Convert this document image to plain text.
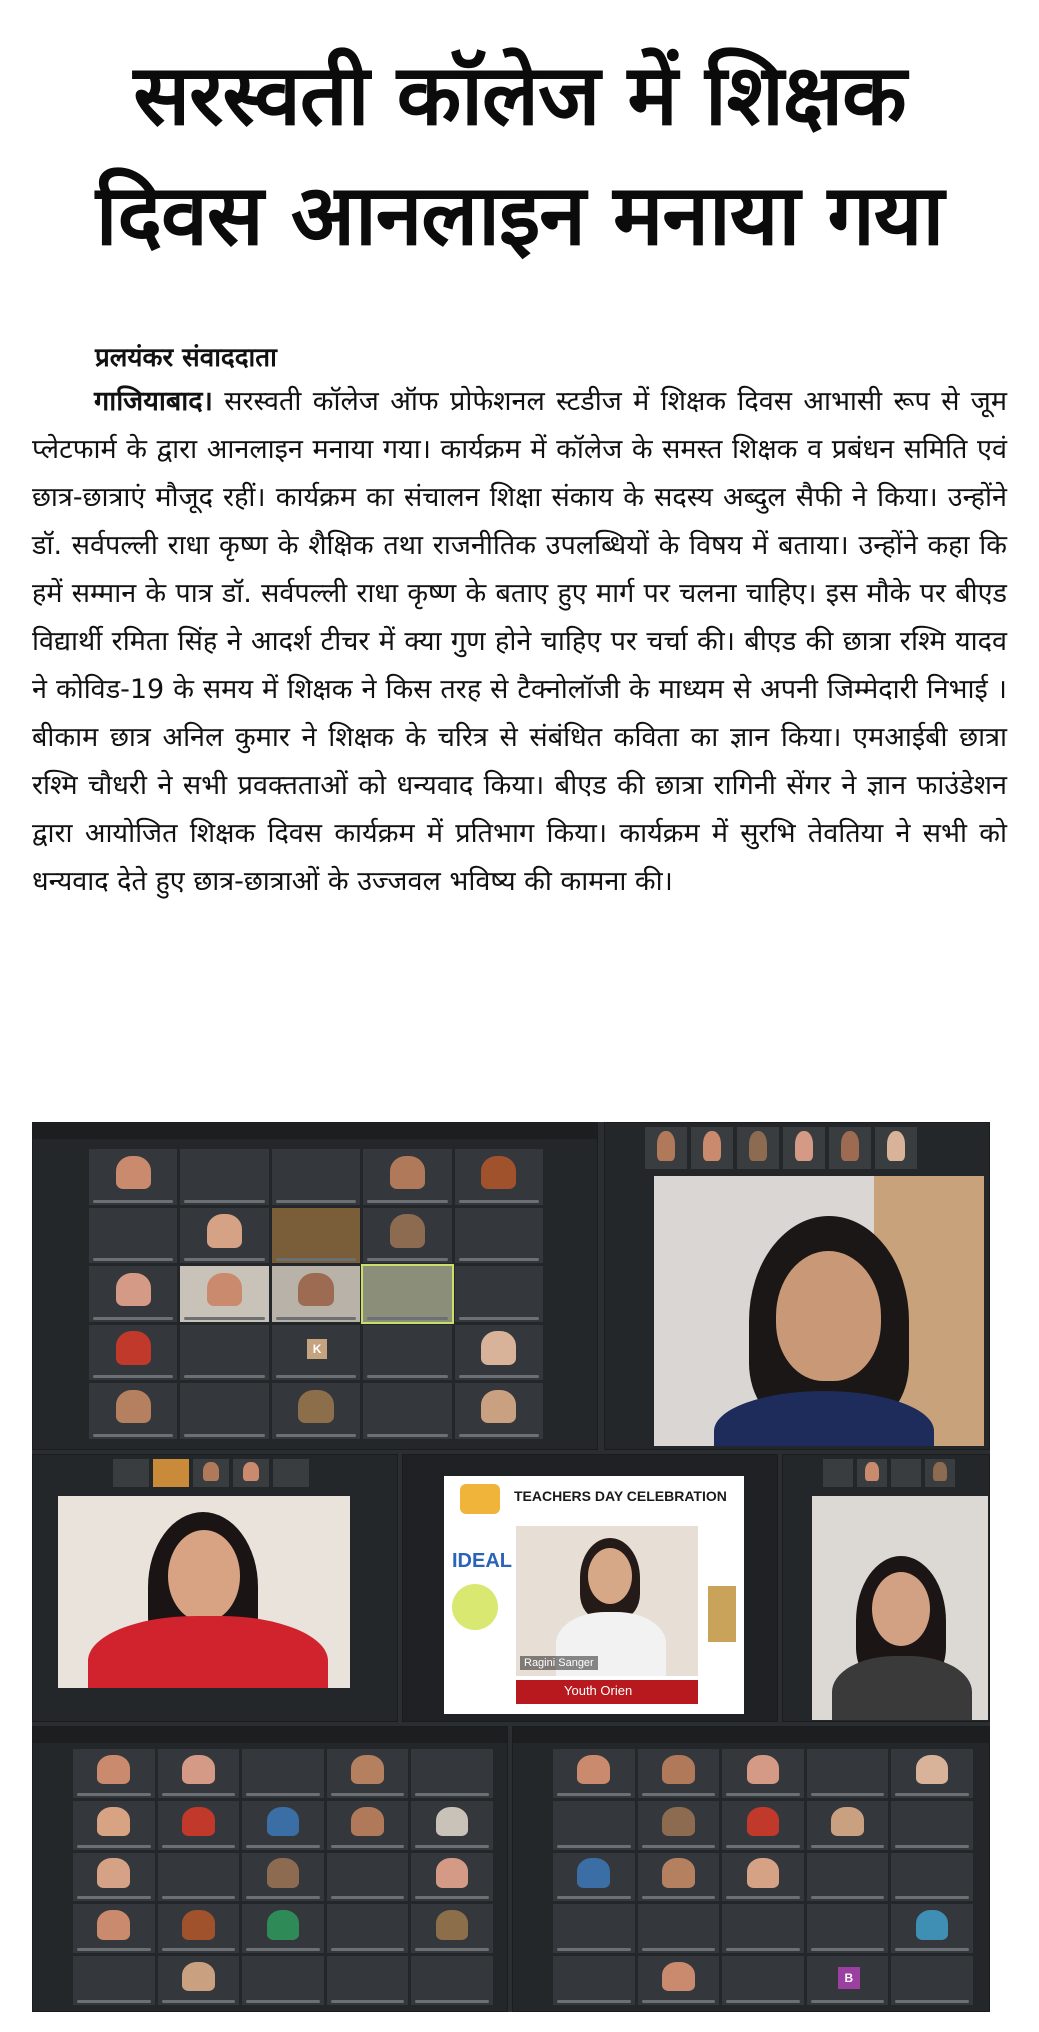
सरस्वती कॉलेज में शिक्षक
दिवस आनलाइन मनाया गया
प्रलयंकर संवाददाता
गाजियाबाद। सरस्वती कॉलेज ऑफ प्रोफेशनल स्टडीज में शिक्षक दिवस आभासी रूप से जूम प्लेटफार्म के द्वारा आनलाइन मनाया गया। कार्यक्रम में कॉलेज के समस्त शिक्षक व प्रबंधन समिति एवं छात्र-छात्राएं मौजूद रहीं। कार्यक्रम का संचालन शिक्षा संकाय के सदस्य अब्दुल सैफी ने किया। उन्होंने डॉ. सर्वपल्ली राधा कृष्ण के शैक्षिक तथा राजनीतिक उपलब्धियों के विषय में बताया। उन्होंने कहा कि हमें सम्मान के पात्र डॉ. सर्वपल्ली राधा कृष्ण के बताए हुए मार्ग पर चलना चाहिए। इस मौके पर बीएड विद्यार्थी रमिता सिंह ने आदर्श टीचर में क्या गुण होने चाहिए पर चर्चा की। बीएड की छात्रा रश्मि यादव ने कोविड-19 के समय में शिक्षक ने किस तरह से टैक्नोलॉजी के माध्यम से अपनी जिम्मेदारी निभाई । बीकाम छात्र अनिल कुमार ने शिक्षक के चरित्र से संबंधित कविता का ज्ञान किया। एमआईबी छात्रा रश्मि चौधरी ने सभी प्रवक्तताओं को धन्यवाद किया। बीएड की छात्रा रागिनी सेंगर ने ज्ञान फाउंडेशन द्वारा आयोजित शिक्षक दिवस कार्यक्रम में प्रतिभाग किया। कार्यक्रम में सुरभि तेवतिया ने सभी को धन्यवाद देते हुए छात्र-छात्राओं के उज्जवल भविष्य की कामना की।
K
TEACHERS DAY CELEBRATION
IDEAL
Ragini Sanger
Youth Orien
B
